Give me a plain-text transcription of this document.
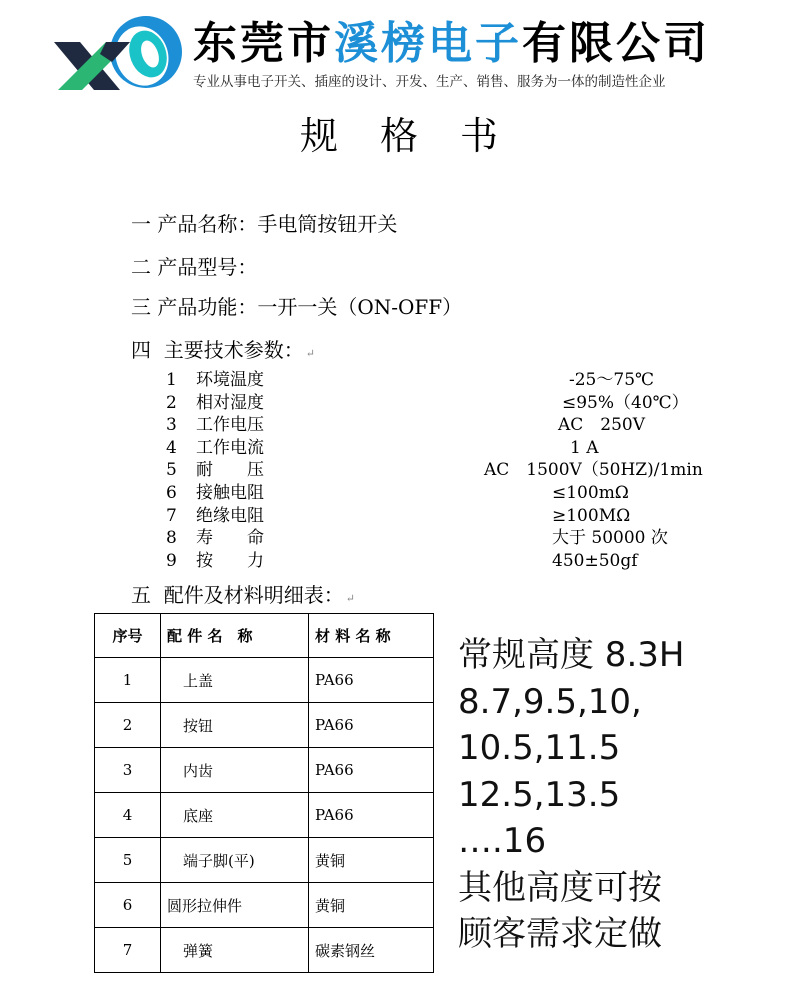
东莞市溪榜电子有限公司
专业从事电子开关、插座的设计、开发、生产、销售、服务为一体的制造性企业
规格书
一 产品名称：手电筒按钮开关
二 产品型号：
三 产品功能：一开一关（ON-OFF）
四 主要技术参数： ↵
1	环境温度	-25～75℃
2	相对湿度	≤95%（40℃）
3	工作电压	AC　250V
4	工作电流	1 A
5	耐　　压	AC　1500V（50HZ)/1min
6	接触电阻	≤100mΩ
7	绝缘电阻	≥100MΩ
8	寿　　命	大于 50000 次
9	按　　力	450±50gf
五 配件及材料明细表： ↵
序号	配 件 名　称	材 料 名 称
1	上盖	PA66
2	按钮	PA66
3	内齿	PA66
4	底座	PA66
5	端子脚(平)	黄铜
6	圆形拉伸件	黄铜
7	弹簧	碳素钢丝
常规高度 8.3H
8.7,9.5,10,
10.5,11.5
12.5,13.5
….16
其他高度可按
顾客需求定做
